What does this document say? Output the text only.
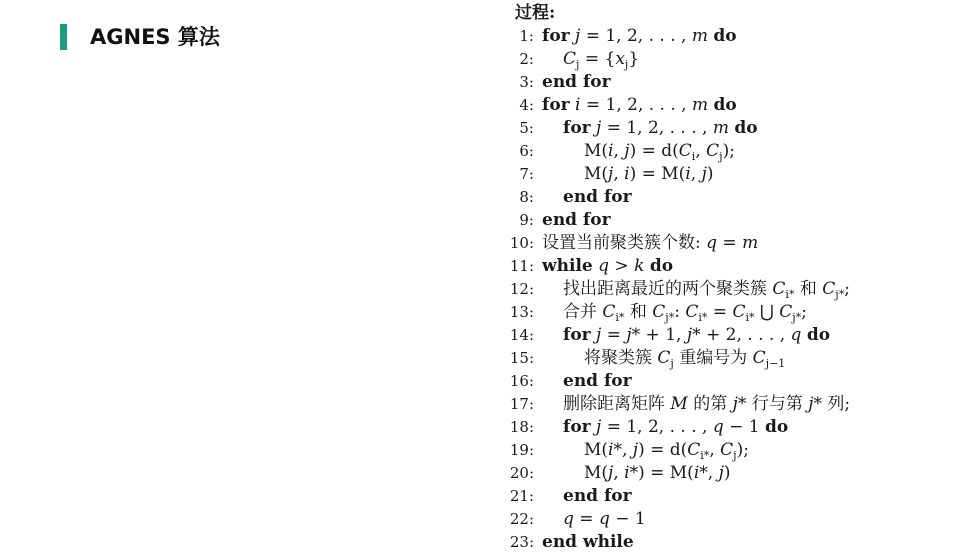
AGNES 算法
过程:
1: for j = 1, 2, . . . , m do
2: $C_j = \{x_j\}$
3: end for
4: for i = 1, 2, . . . , m do
5: for j = 1, 2, . . . , m do
6:	M(i, $j) = d(C_i$, $C_j$);
7:	M(j, i) = M(i, j)
8: end for
9: end for
10: 设置当前聚类簇个数: q = m
11: while q > k do
12: 找出距离最近的两个聚类簇 $C_{i*}$ 和 $C_{j*}$;
13: 合并 $C_{i*}$ 和 $C_{j*}$: $C_{i*} = C_{i*}$ ⋃ $C_{j*}$;
14: for j = j* + 1, j* + 2, . . . , q do
15:	将聚类簇 $C_j$ 重编号为 $C_{j-1}$
16: end for
17: 删除距离矩阵 M 的第 j* 行与第 j* 列;
18: for j = 1, 2, . . . , q − 1 do
19:	M(i*, $j) = d(C_{i*}$, $C_j$);
20:	M(j, i*) = M(i*, j)
21: end for
22: q = q − 1
23: end while
